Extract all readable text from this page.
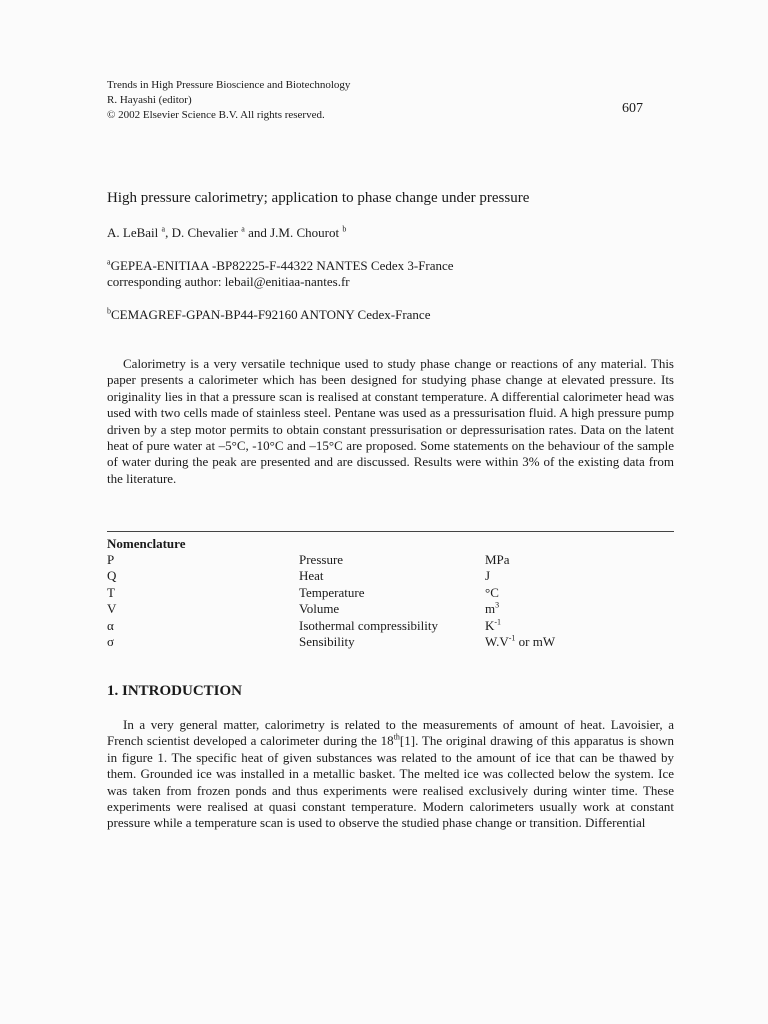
Trends in High Pressure Bioscience and Biotechnology
R. Hayashi (editor)
© 2002 Elsevier Science B.V. All rights reserved.	607
High pressure calorimetry; application to phase change under pressure
A. LeBail $^a$, D. Chevalier $^a$ and J.M. Chourot $^b$
$^a$GEPEA-ENITIAA -BP82225-F-44322 NANTES Cedex 3-France
corresponding author: lebail@enitiaa-nantes.fr
$^b$CEMAGREF-GPAN-BP44-F92160 ANTONY Cedex-France
Calorimetry is a very versatile technique used to study phase change or reactions of any material. This paper presents a calorimeter which has been designed for studying phase change at elevated pressure. Its originality lies in that a pressure scan is realised at constant temperature. A differential calorimeter head was used with two cells made of stainless steel. Pentane was used as a pressurisation fluid. A high pressure pump driven by a step motor permits to obtain constant pressurisation or depressurisation rates. Data on the latent heat of pure water at –5°C, -10°C and –15°C are proposed. Some statements on the behaviour of the sample of water during the peak are presented and are discussed. Results were within 3% of the existing data from the literature.
Nomenclature
P	Pressure	MPa
Q	Heat	J
T	Temperature	°C
V	Volume	$m^3$
α	Isothermal compressibility	$K^{-1}$
σ	Sensibility	$W.V^{-1}$ or mW
1. INTRODUCTION
In a very general matter, calorimetry is related to the measurements of amount of heat. Lavoisier, a French scientist developed a calorimeter during the 18th[1]. The original drawing of this apparatus is shown in figure 1. The specific heat of given substances was related to the amount of ice that can be thawed by them. Grounded ice was installed in a metallic basket. The melted ice was collected below the system. Ice was taken from frozen ponds and thus experiments were realised exclusively during winter time. These experiments were realised at quasi constant temperature. Modern calorimeters usually work at constant pressure while a temperature scan is used to observe the studied phase change or transition. Differential
